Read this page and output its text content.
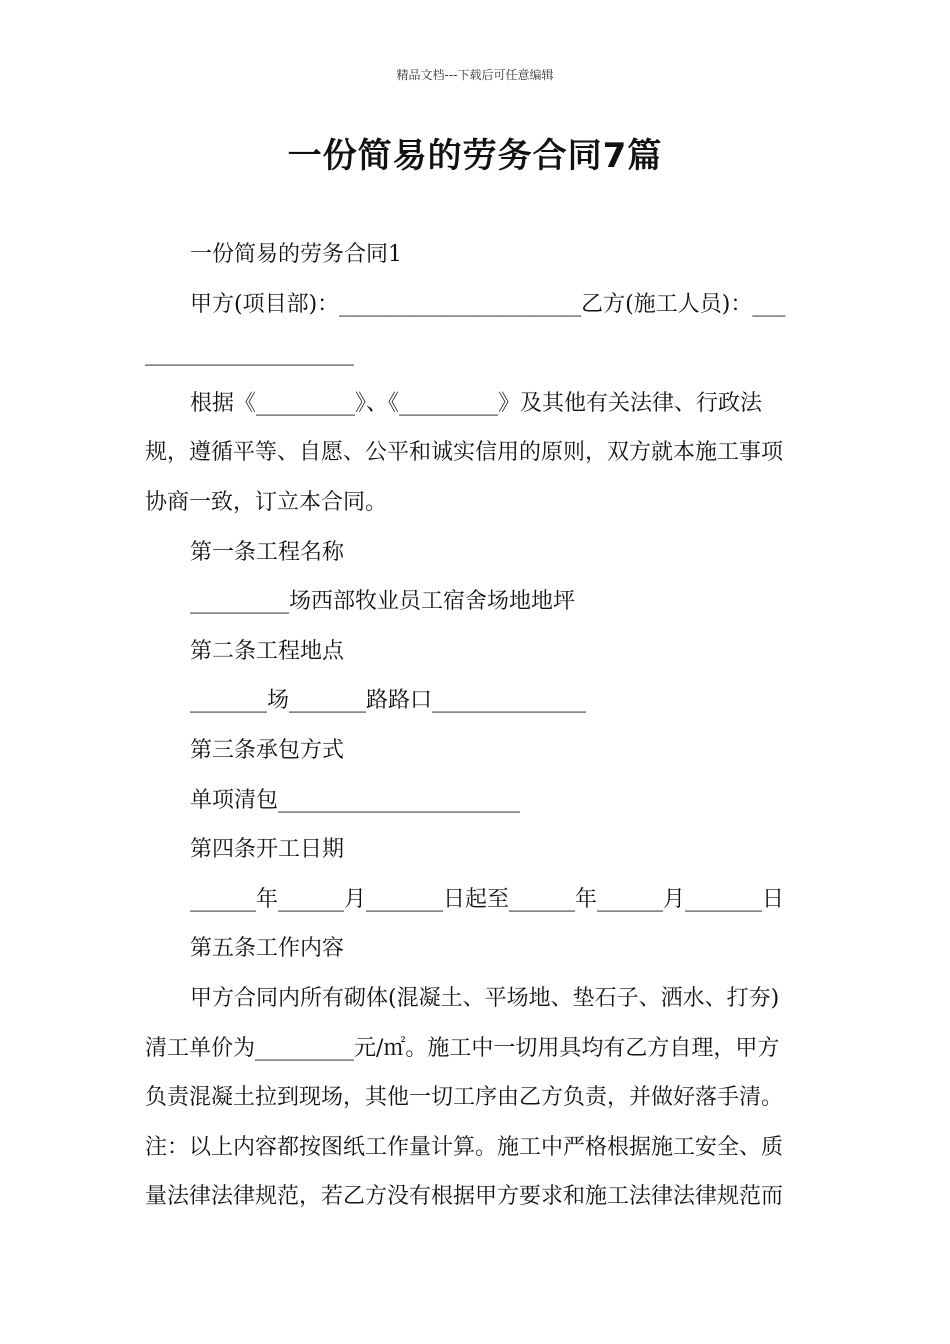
精品文档---下载后可任意编辑
一份简易的劳务合同7篇
一份简易的劳务合同1
甲方(项目部)：______________________乙方(施工人员)：___
___________________
根据《_________》、《_________》及其他有关法律、行政法
规，遵循平等、自愿、公平和诚实信用的原则，双方就本施工事项
协商一致，订立本合同。
第一条工程名称
_________场西部牧业员工宿舍场地地坪
第二条工程地点
_______场_______路路口______________
第三条承包方式
单项清包______________________
第四条开工日期
______年______月_______日起至______年______月_______日
第五条工作内容
甲方合同内所有砌体(混凝土、平场地、垫石子、洒水、打夯)
清工单价为_________元/㎡。施工中一切用具均有乙方自理，甲方
负责混凝土拉到现场，其他一切工序由乙方负责，并做好落手清。
注：以上内容都按图纸工作量计算。施工中严格根据施工安全、质
量法律法律规范，若乙方没有根据甲方要求和施工法律法律规范而
